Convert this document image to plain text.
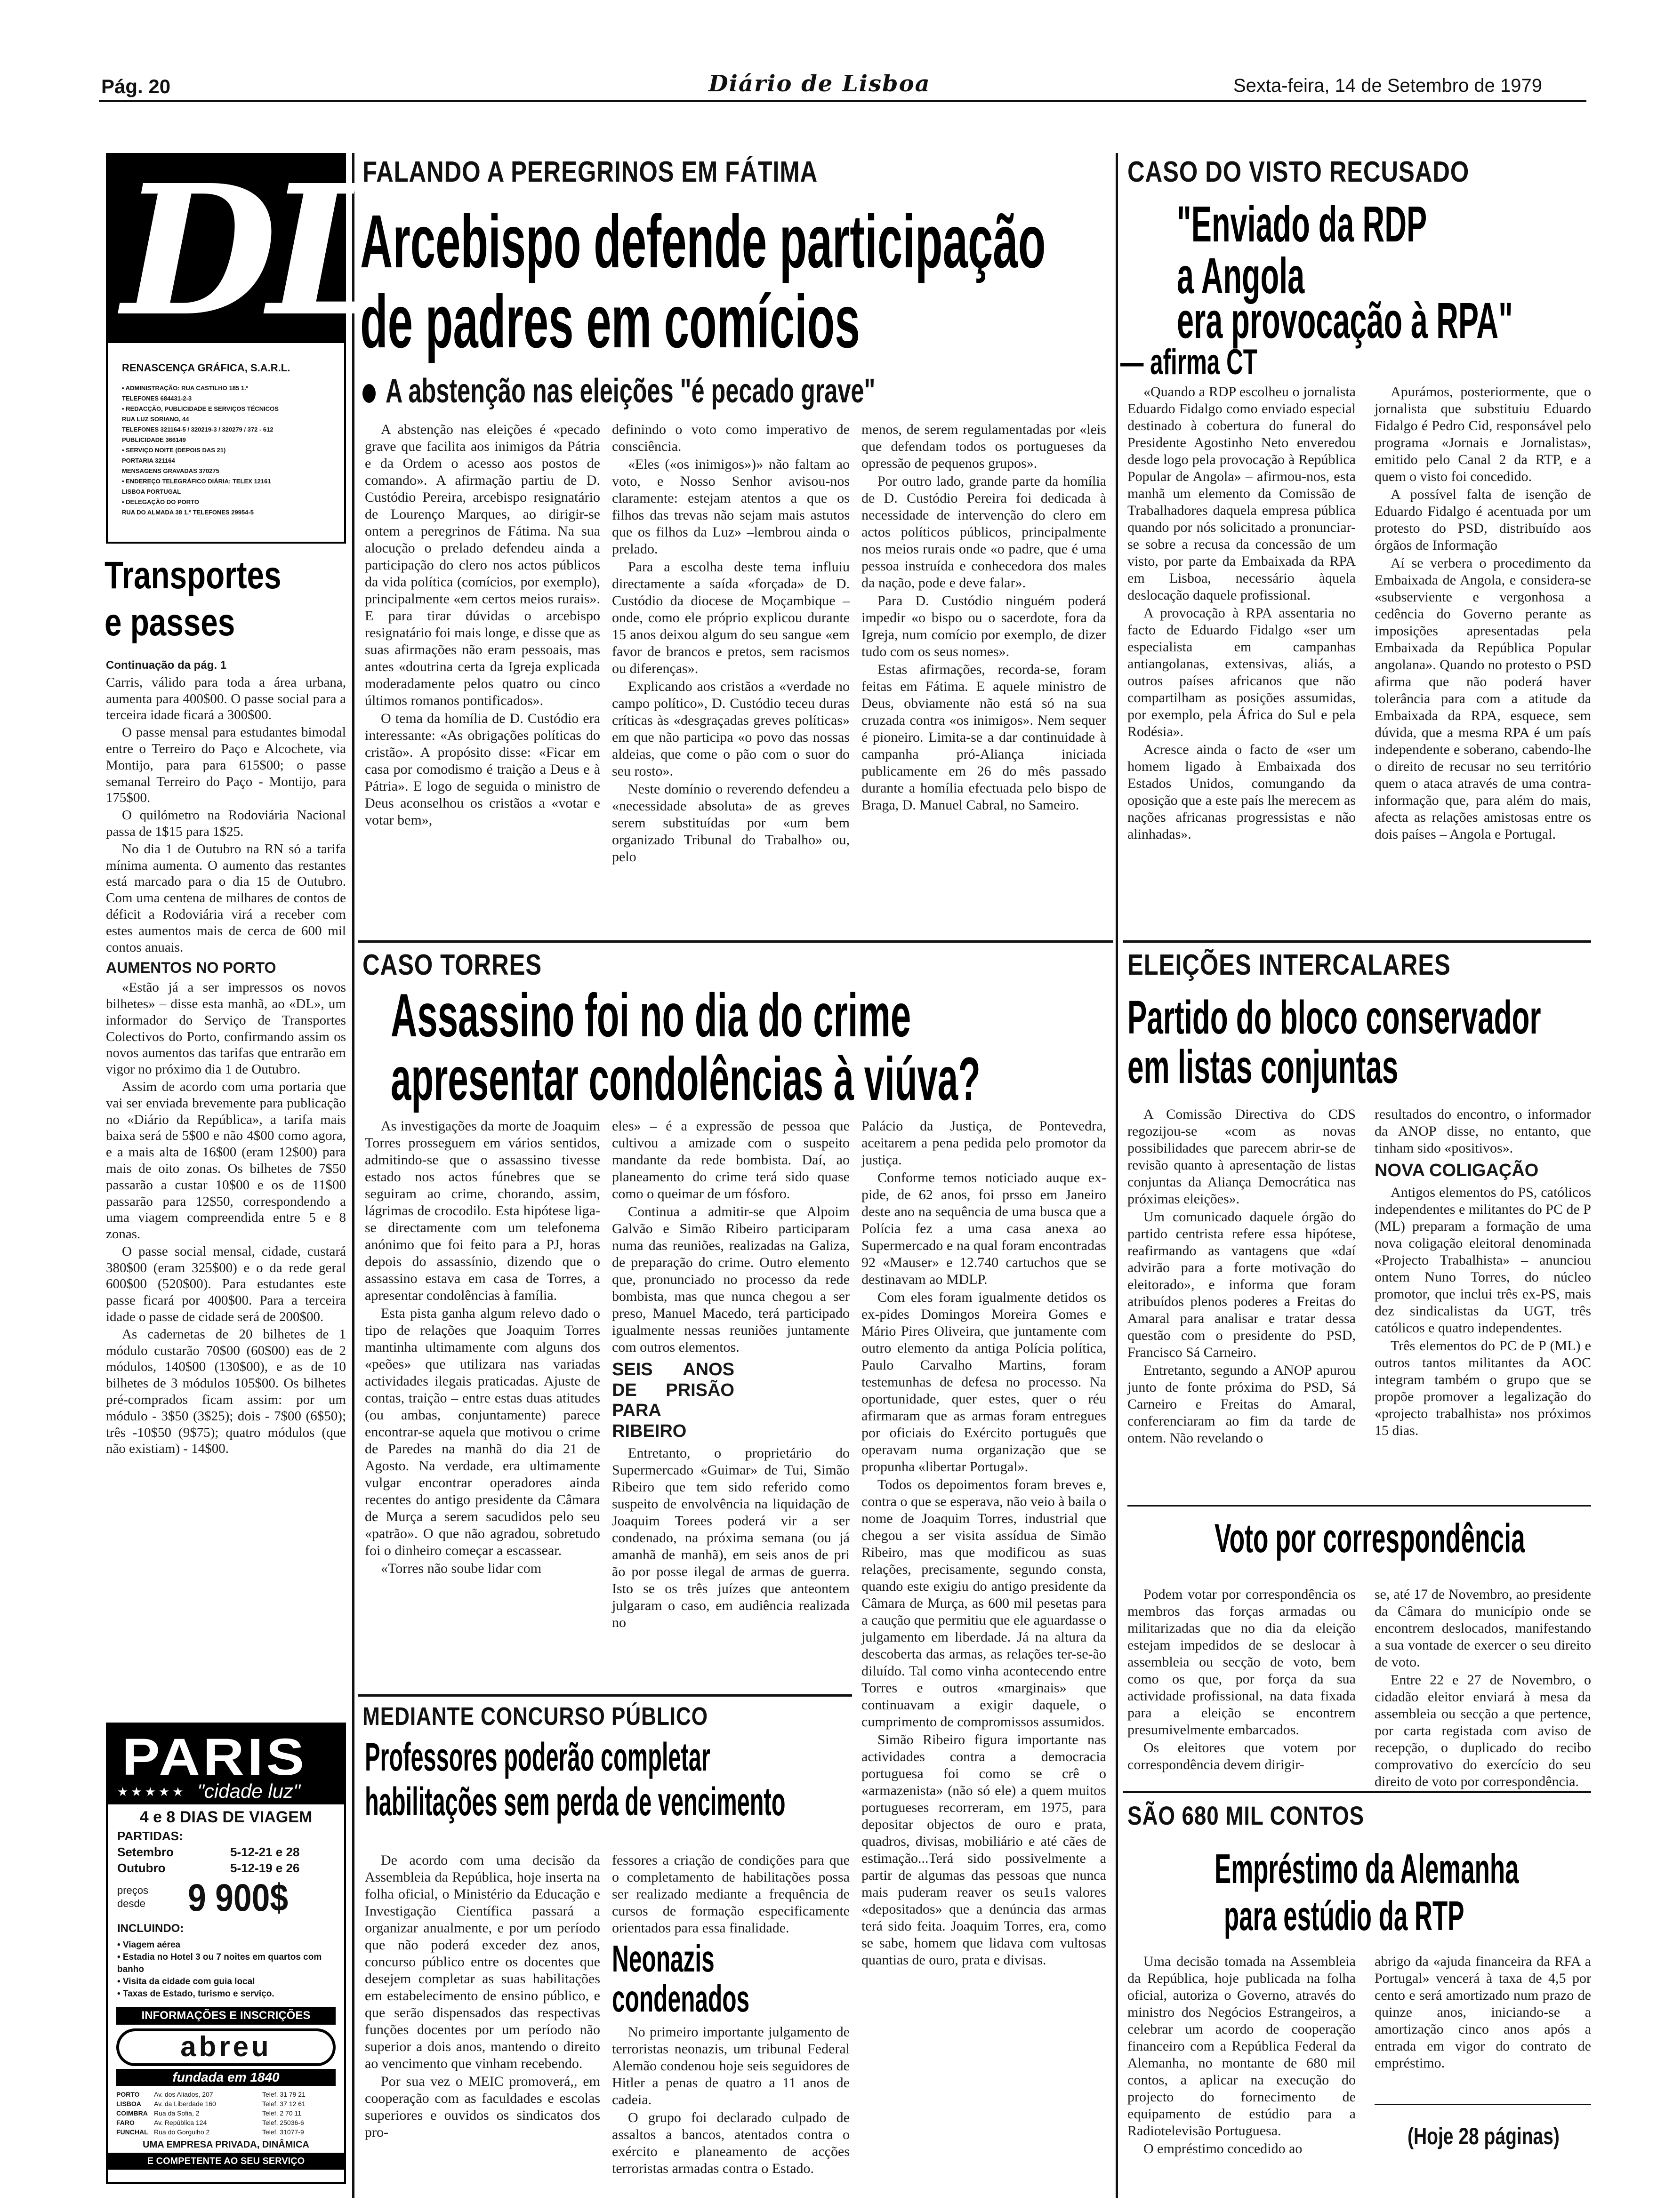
Pág. 20	Diário de Lisboa	Sexta-feira, 14 de Setembro de 1979
DL
RENASCENÇA GRÁFICA, S.A.R.L.
• ADMINISTRAÇÃO: RUA CASTILHO 185 1.º
TELEFONES 684431-2-3
• REDACÇÃO, PUBLICIDADE E SERVIÇOS TÉCNICOS
RUA LUZ SORIANO, 44
TELEFONES 321164-5 / 320219-3 / 320279 / 372 - 612
PUBLICIDADE 366149
• SERVIÇO NOITE (DEPOIS DAS 21)
PORTARIA 321164
MENSAGENS GRAVADAS 370275
• ENDEREÇO TELEGRÁFICO DIÁRIA: TELEX 12161
LISBOA PORTUGAL
• DELEGAÇÃO DO PORTO
RUA DO ALMADA 38 1.º TELEFONES 29954-5
Transportes
e passes
Continuação da pág. 1

Carris, válido para toda a área urbana, aumenta para 400$00. O passe social para a terceira idade ficará a 300$00.

O passe mensal para estudantes bimodal entre o Terreiro do Paço e Alcochete, via Montijo, para para 615$00; o passe semanal Terreiro do Paço - Montijo, para 175$00.

O quilómetro na Rodoviária Nacional passa de 1$15 para 1$25.

No dia 1 de Outubro na RN só a tarifa mínima aumenta. O aumento das restantes está marcado para o dia 15 de Outubro. Com uma centena de milhares de contos de déficit a Rodoviária virá a receber com estes aumentos mais de cerca de 600 mil contos anuais.

AUMENTOS NO PORTO

«Estão já a ser impressos os novos bilhetes» – disse esta manhã, ao «DL», um informador do Serviço de Transportes Colectivos do Porto, confirmando assim os novos aumentos das tarifas que entrarão em vigor no próximo dia 1 de Outubro.

Assim de acordo com uma portaria que vai ser enviada brevemente para publicação no «Diário da República», a tarifa mais baixa será de 5$00 e não 4$00 como agora, e a mais alta de 16$00 (eram 12$00) para mais de oito zonas. Os bilhetes de 7$50 passarão a custar 10$00 e os de 11$00 passarão para 12$50, correspondendo a uma viagem compreendida entre 5 e 8 zonas.

O passe social mensal, cidade, custará 380$00 (eram 325$00) e o da rede geral 600$00 (520$00). Para estudantes este passe ficará por 400$00. Para a terceira idade o passe de cidade será de 200$00.

As cadernetas de 20 bilhetes de 1 módulo custarão 70$00 (60$00) eas de 2 módulos, 140$00 (130$00), e as de 10 bilhetes de 3 módulos 105$00. Os bilhetes pré-comprados ficam assim: por um módulo - 3$50 (3$25); dois - 7$00 (6$50); três -10$50 (9$75); quatro módulos (que não existiam) - 14$00.

PARIS
★★★★★ "cidade luz"
4 e 8 DIAS DE VIAGEM
PARTIDAS:
Setembro	5-12-21 e 28
Outubro	5-12-19 e 26
preços
desde 9 900$
INCLUINDO:
• Viagem aérea
• Estadia no Hotel 3 ou 7 noites em quartos com banho
• Visita da cidade com guia local
• Taxas de Estado, turismo e serviço.
INFORMAÇÕES E INSCRIÇÕES
abreu
fundada em 1840
PORTO	Av. dos Aliados, 207	Telef. 31 79 21
LISBOA	Av. da Liberdade 160	Telef. 37 12 61
COIMBRA Rua da Sofia, 2	Telef. 2 70 11
FARO	Av. República 124	Telef. 25036-6
FUNCHAL Rua do Gorgulho 2	Telef. 31077-9
UMA EMPRESA PRIVADA, DINÂMICA
E COMPETENTE AO SEU SERVIÇO
FALANDO A PEREGRINOS EM FÁTIMA
Arcebispo defende participação
de padres em comícios
A abstenção nas eleições "é pecado grave"

A abstenção nas eleições é «pecado grave que facilita aos inimigos da Pátria e da Ordem o acesso aos postos de comando». A afirmação partiu de D. Custódio Pereira, arcebispo resignatário de Lourenço Marques, ao dirigir-se ontem a peregrinos de Fátima. Na sua alocução o prelado defendeu ainda a participação do clero nos actos públicos da vida política (comícios, por exemplo), principalmente «em certos meios rurais». E para tirar dúvidas o arcebispo resignatário foi mais longe, e disse que as suas afirmações não eram pessoais, mas antes «doutrina certa da Igreja explicada moderadamente pelos quatro ou cinco últimos romanos pontificados».

O tema da homília de D. Custódio era interessante: «As obrigações políticas do cristão». A propósito disse: «Ficar em casa por comodismo é traição a Deus e à Pátria». E logo de seguida o ministro de Deus aconselhou os cristãos a «votar e votar bem»,

definindo o voto como imperativo de consciência.

«Eles («os inimigos»)» não faltam ao voto, e Nosso Senhor avisou-nos claramente: estejam atentos a que os filhos das trevas não sejam mais astutos que os filhos da Luz» –lembrou ainda o prelado.

Para a escolha deste tema influiu directamente a saída «forçada» de D. Custódio da diocese de Moçambique – onde, como ele próprio explicou durante 15 anos deixou algum do seu sangue «em favor de brancos e pretos, sem racismos ou diferenças».

Explicando aos cristãos a «verdade no campo político», D. Custódio teceu duras críticas às «desgraçadas greves políticas» em que não participa «o povo das nossas aldeias, que come o pão com o suor do seu rosto».

Neste domínio o reverendo defendeu a «necessidade absoluta» de as greves serem substituídas por «um bem organizado Tribunal do Trabalho» ou, pelo

menos, de serem regulamentadas por «leis que defendam todos os portugueses da opressão de pequenos grupos».

Por outro lado, grande parte da homília de D. Custódio Pereira foi dedicada à necessidade de intervenção do clero em actos políticos públicos, principalmente nos meios rurais onde «o padre, que é uma pessoa instruída e conhecedora dos males da nação, pode e deve falar».

Para D. Custódio ninguém poderá impedir «o bispo ou o sacerdote, fora da Igreja, num comício por exemplo, de dizer tudo com os seus nomes».

Estas afirmações, recorda-se, foram feitas em Fátima. E aquele ministro de Deus, obviamente não está só na sua cruzada contra «os inimigos». Nem sequer é pioneiro. Limita-se a dar continuidade à campanha pró-Aliança iniciada publicamente em 26 do mês passado durante a homília efectuada pelo bispo de Braga, D. Manuel Cabral, no Sameiro.

CASO TORRES
Assassino foi no dia do crime
apresentar condolências à viúva?

As investigações da morte de Joaquim Torres prosseguem em vários sentidos, admitindo-se que o assassino tivesse estado nos actos fúnebres que se seguiram ao crime, chorando, assim, lágrimas de crocodilo. Esta hipótese liga-se directamente com um telefonema anónimo que foi feito para a PJ, horas depois do assassínio, dizendo que o assassino estava em casa de Torres, a apresentar condolências à família.

Esta pista ganha algum relevo dado o tipo de relações que Joaquim Torres mantinha ultimamente com alguns dos «peões» que utilizara nas variadas actividades ilegais praticadas. Ajuste de contas, traição – entre estas duas atitudes (ou ambas, conjuntamente) parece encontrar-se aquela que motivou o crime de Paredes na manhã do dia 21 de Agosto. Na verdade, era ultimamente vulgar encontrar operadores ainda recentes do antigo presidente da Câmara de Murça a serem sacudidos pelo seu «patrão». O que não agradou, sobretudo foi o dinheiro começar a escassear.

«Torres não soube lidar com

eles» – é a expressão de pessoa que cultivou a amizade com o suspeito mandante da rede bombista. Daí, ao planeamento do crime terá sido quase como o queimar de um fósforo.

Continua a admitir-se que Alpoim Galvão e Simão Ribeiro participaram numa das reuniões, realizadas na Galiza, de preparação do crime. Outro elemento que, pronunciado no processo da rede bombista, mas que nunca chegou a ser preso, Manuel Macedo, terá participado igualmente nessas reuniões juntamente com outros elementos.

SEIS ANOS DE PRISÃO PARA RIBEIRO

Entretanto, o proprietário do Supermercado «Guimar» de Tui, Simão Ribeiro que tem sido referido como suspeito de envolvência na liquidação de Joaquim Torees poderá vir a ser condenado, na próxima semana (ou já amanhã de manhã), em seis anos de pri ão por posse ilegal de armas de guerra. Isto se os três juízes que anteontem julgaram o caso, em audiência realizada no

Palácio da Justiça, de Pontevedra, aceitarem a pena pedida pelo promotor da justiça.

Conforme temos noticiado auque ex-pide, de 62 anos, foi prsso em Janeiro deste ano na sequência de uma busca que a Polícia fez a uma casa anexa ao Supermercado e na qual foram encontradas 92 «Mauser» e 12.740 cartuchos que se destinavam ao MDLP.

Com eles foram igualmente detidos os ex-pides Domingos Moreira Gomes e Mário Pires Oliveira, que juntamente com outro elemento da antiga Polícia política, Paulo Carvalho Martins, foram testemunhas de defesa no processo. Na oportunidade, quer estes, quer o réu afirmaram que as armas foram entregues por oficiais do Exército português que operavam numa organização que se propunha «libertar Portugal».

Todos os depoimentos foram breves e, contra o que se esperava, não veio à baila o nome de Joaquim Torres, industrial que chegou a ser visita assídua de Simão Ribeiro, mas que modificou as suas relações, precisamente, segundo consta, quando este exigiu do antigo presidente da Câmara de Murça, as 600 mil pesetas para a caução que permitiu que ele aguardasse o julgamento em liberdade. Já na altura da descoberta das armas, as relações ter-se-ão diluído. Tal como vinha acontecendo entre Torres e outros «marginais» que continuavam a exigir daquele, o cumprimento de compromissos assumidos.

Simão Ribeiro figura importante nas actividades contra a democracia portuguesa foi como se crê o «armazenista» (não só ele) a quem muitos portugueses recorreram, em 1975, para depositar objectos de ouro e prata, quadros, divisas, mobiliário e até cães de estimação...Terá sido possivelmente a partir de algumas das pessoas que nunca mais puderam reaver os seu1s valores «depositados» que a denúncia das armas terá sido feita. Joaquim Torres, era, como se sabe, homem que lidava com vultosas quantias de ouro, prata e divisas.

MEDIANTE CONCURSO PÚBLICO
Professores poderão completar
habilitações sem perda de vencimento

De acordo com uma decisão da Assembleia da República, hoje inserta na folha oficial, o Ministério da Educação e Investigação Científica passará a organizar anualmente, e por um período que não poderá exceder dez anos, concurso público entre os docentes que desejem completar as suas habilitações em estabelecimento de ensino público, e que serão dispensados das respectivas funções docentes por um período não superior a dois anos, mantendo o direito ao vencimento que vinham recebendo.

Por sua vez o MEIC promoverá,, em cooperação com as faculdades e escolas superiores e ouvidos os sindicatos dos pro-

fessores a criação de condições para que o completamento de habilitações possa ser realizado mediante a frequência de cursos de formação especificamente orientados para essa finalidade.

Neonazis
condenados

No primeiro importante julgamento de terroristas neonazis, um tribunal Federal Alemão condenou hoje seis seguidores de Hitler a penas de quatro a 11 anos de cadeia.

O grupo foi declarado culpado de assaltos a bancos, atentados contra o exército e planeamento de acções terroristas armadas contra o Estado.

CASO DO VISTO RECUSADO
"Enviado da RDP
a Angola
era provocação à RPA"
— afirma CT

«Quando a RDP escolheu o jornalista Eduardo Fidalgo como enviado especial destinado à cobertura do funeral do Presidente Agostinho Neto enveredou desde logo pela provocação à República Popular de Angola» – afirmou-nos, esta manhã um elemento da Comissão de Trabalhadores daquela empresa pública quando por nós solicitado a pronunciar-se sobre a recusa da concessão de um visto, por parte da Embaixada da RPA em Lisboa, necessário àquela deslocação daquele profissional.

A provocação à RPA assentaria no facto de Eduardo Fidalgo «ser um especialista em campanhas antiangolanas, extensivas, aliás, a outros países africanos que não compartilham as posições assumidas, por exemplo, pela África do Sul e pela Rodésia».

Acresce ainda o facto de «ser um homem ligado à Embaixada dos Estados Unidos, comungando da oposição que a este país lhe merecem as nações africanas progressistas e não alinhadas».

Apurámos, posteriormente, que o jornalista que substituiu Eduardo Fidalgo é Pedro Cid, responsável pelo programa «Jornais e Jornalistas», emitido pelo Canal 2 da RTP, e a quem o visto foi concedido.

A possível falta de isenção de Eduardo Fidalgo é acentuada por um protesto do PSD, distribuído aos órgãos de Informação

Aí se verbera o procedimento da Embaixada de Angola, e considera-se «subserviente e vergonhosa a cedência do Governo perante as imposições apresentadas pela Embaixada da República Popular angolana». Quando no protesto o PSD afirma que não poderá haver tolerância para com a atitude da Embaixada da RPA, esquece, sem dúvida, que a mesma RPA é um país independente e soberano, cabendo-lhe o direito de recusar no seu território quem o ataca através de uma contra-informação que, para além do mais, afecta as relações amistosas entre os dois países – Angola e Portugal.

ELEIÇÕES INTERCALARES
Partido do bloco conservador
em listas conjuntas

A Comissão Directiva do CDS regozijou-se «com as novas possibilidades que parecem abrir-se de revisão quanto à apresentação de listas conjuntas da Aliança Democrática nas próximas eleições».

Um comunicado daquele órgão do partido centrista refere essa hipótese, reafirmando as vantagens que «daí advirão para a forte motivação do eleitorado», e informa que foram atribuídos plenos poderes a Freitas do Amaral para analisar e tratar dessa questão com o presidente do PSD, Francisco Sá Carneiro.

Entretanto, segundo a ANOP apurou junto de fonte próxima do PSD, Sá Carneiro e Freitas do Amaral, conferenciaram ao fim da tarde de ontem. Não revelando o

resultados do encontro, o informador da ANOP disse, no entanto, que tinham sido «positivos».

NOVA COLIGAÇÃO

Antigos elementos do PS, católicos independentes e militantes do PC de P (ML) preparam a formação de uma nova coligação eleitoral denominada «Projecto Trabalhista» – anunciou ontem Nuno Torres, do núcleo promotor, que inclui três ex-PS, mais dez sindicalistas da UGT, três católicos e quatro independentes.

Três elementos do PC de P (ML) e outros tantos militantes da AOC integram também o grupo que se propõe promover a legalização do «projecto trabalhista» nos próximos 15 dias.

Voto por correspondência

Podem votar por correspondência os membros das forças armadas ou militarizadas que no dia da eleição estejam impedidos de se deslocar à assembleia ou secção de voto, bem como os que, por força da sua actividade profissional, na data fixada para a eleição se encontrem presumivelmente embarcados.

Os eleitores que votem por correspondência devem dirigir-

se, até 17 de Novembro, ao presidente da Câmara do município onde se encontrem deslocados, manifestando a sua vontade de exercer o seu direito de voto.

Entre 22 e 27 de Novembro, o cidadão eleitor enviará à mesa da assembleia ou secção a que pertence, por carta registada com aviso de recepção, o duplicado do recibo comprovativo do exercício do seu direito de voto por correspondência.

SÃO 680 MIL CONTOS
Empréstimo da Alemanha
para estúdio da RTP

Uma decisão tomada na Assembleia da República, hoje publicada na folha oficial, autoriza o Governo, através do ministro dos Negócios Estrangeiros, a celebrar um acordo de cooperação financeiro com a República Federal da Alemanha, no montante de 680 mil contos, a aplicar na execução do projecto do fornecimento de equipamento de estúdio para a Radiotelevisão Portuguesa.

O empréstimo concedido ao

abrigo da «ajuda financeira da RFA a Portugal» vencerá à taxa de 4,5 por cento e será amortizado num prazo de quinze anos, iniciando-se a amortização cinco anos após a entrada em vigor do contrato de empréstimo.

(Hoje 28 páginas)
